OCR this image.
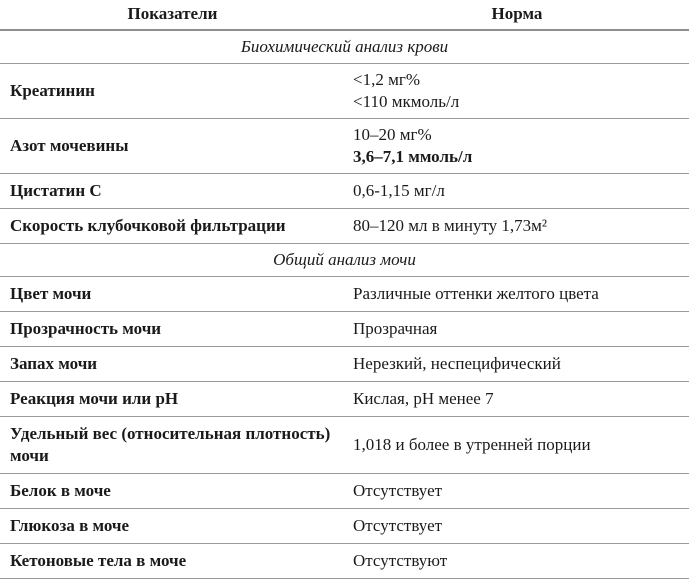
Показатели	Норма
Биохимический анализ крови	
Креатинин	<1,2 мг%
<110 мкмоль/л

Азот мочевины	10–20 мг%
3,6–7,1 ммоль/л

Цистатин С	0,6-1,15 мг/л

Скорость клубочковой фильтрации	80–120 мл в минуту 1,73м²

Общий анализ мочи	
Цвет мочи	Различные оттенки желтого цвета

Прозрачность мочи	Прозрачная

Запах мочи	Нерезкий, неспецифический

Реакция мочи или pH	Кислая, pH менее 7

Удельный вес (относительная плотность) мочи	1,018 и более в утренней порции

Белок в моче	Отсутствует

Глюкоза в моче	Отсутствует

Кетоновые тела в моче	Отсутствуют
